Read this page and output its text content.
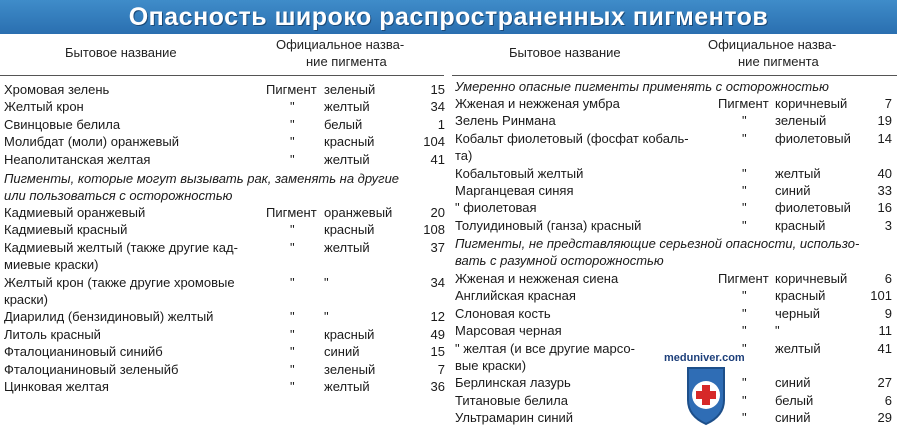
Опасность широко распространенных пигментов
Бытовое название
Официальное назва-
ние пигмента
Бытовое название
Официальное назва-
ние пигмента
Хромовая зелень	Пигмент зеленый	15
Желтый крон	" желтый	34
Свинцовые белила	" белый	1
Молибдат (моли) оранжевый	" красный	104
Неаполитанская желтая	" желтый	41
Пигменты, которые могут вызывать рак, заменять на другие
или пользоваться с осторожностью
Кадмиевый оранжевый	Пигмент оранжевый	20
Кадмиевый красный	" красный	108
Кадмиевый желтый (также другие кад-	" желтый	37
миевые краски)
Желтый крон (также другие хромовые	" "	34
краски)
Диарилид (бензидиновый) желтый	" "	12
Литоль красный	" красный	49
Фталоцианиновый синийб	" синий	15
Фталоцианиновый зеленыйб	" зеленый	7
Цинковая желтая	" желтый	36
Умеренно опасные пигменты применять с осторожностью
Жженая и нежженая умбра	Пигмент коричневый	7
Зелень Ринмана	" зеленый	19
Кобальт фиолетовый (фосфат кобаль-	" фиолетовый	14
та)
Кобальтовый желтый	" желтый	40
Марганцевая синяя	" синий	33
" фиолетовая	" фиолетовый	16
Толуидиновый (ганза) красный	" красный	3
Пигменты, не представляющие серьезной опасности, использо-
вать с разумной осторожностью
Жженая и нежженая сиена	Пигмент коричневый	6
Английская красная	" красный	101
Слоновая кость	" черный	9
Марсовая черная	" "	11
" желтая (и все другие марсо-	" желтый	41
вые краски)
Берлинская лазурь	" синий	27
Титановые белила	" белый	6
Ультрамарин синий	" синий	29
meduniver.com
